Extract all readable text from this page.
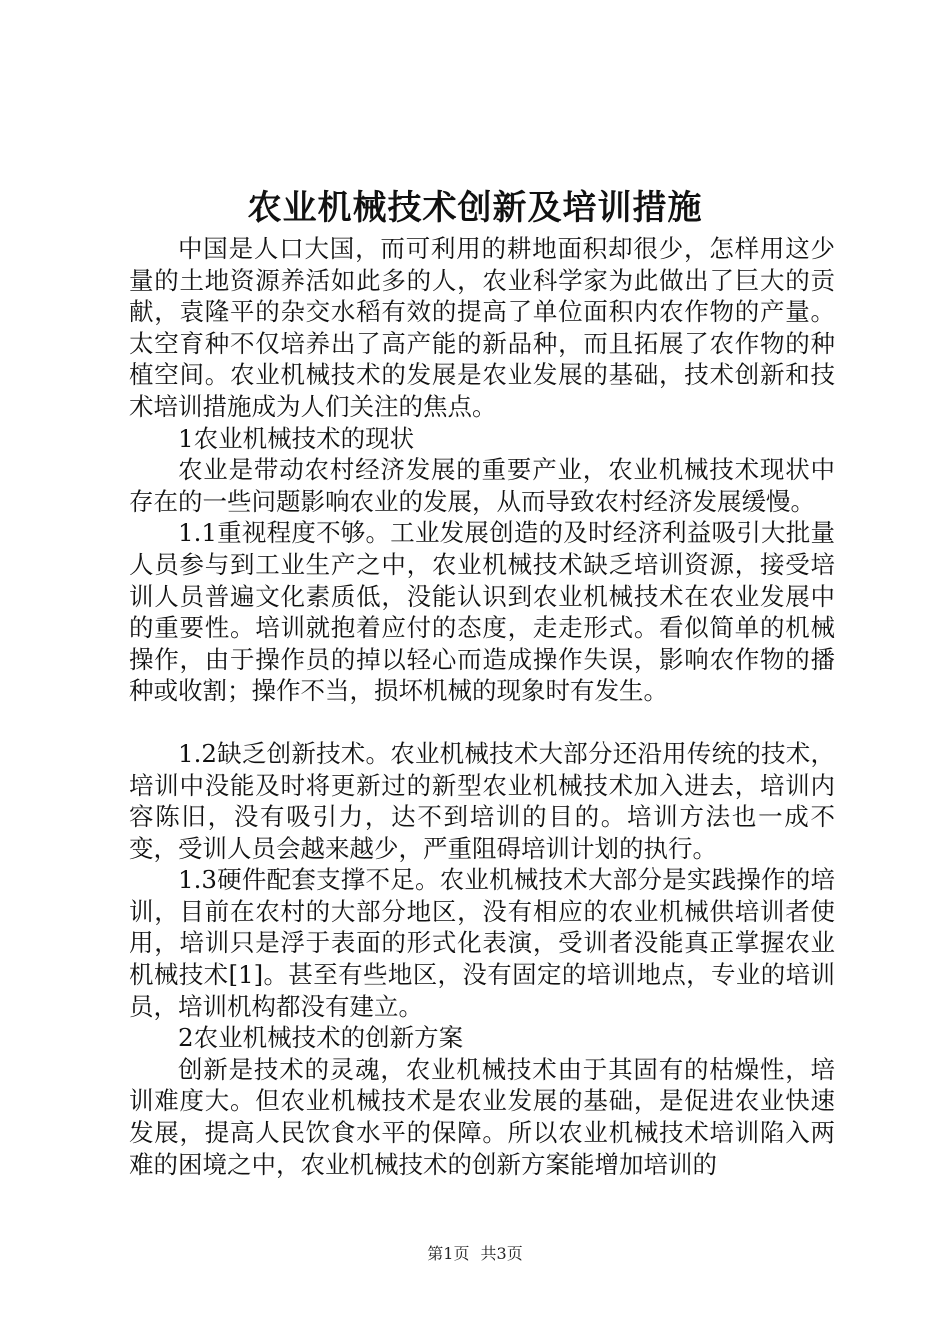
农业机械技术创新及培训措施

中国是人口大国，而可利用的耕地面积却很少，怎样用这少量的土地资源养活如此多的人，农业科学家为此做出了巨大的贡献，袁隆平的杂交水稻有效的提高了单位面积内农作物的产量。太空育种不仅培养出了高产能的新品种，而且拓展了农作物的种植空间。农业机械技术的发展是农业发展的基础，技术创新和技术培训措施成为人们关注的焦点。

1农业机械技术的现状

农业是带动农村经济发展的重要产业，农业机械技术现状中存在的一些问题影响农业的发展，从而导致农村经济发展缓慢。

1.1重视程度不够。工业发展创造的及时经济利益吸引大批量人员参与到工业生产之中，农业机械技术缺乏培训资源，接受培训人员普遍文化素质低，没能认识到农业机械技术在农业发展中的重要性。培训就抱着应付的态度，走走形式。看似简单的机械操作，由于操作员的掉以轻心而造成操作失误，影响农作物的播种或收割；操作不当，损坏机械的现象时有发生。

1.2缺乏创新技术。农业机械技术大部分还沿用传统的技术，培训中没能及时将更新过的新型农业机械技术加入进去，培训内容陈旧，没有吸引力，达不到培训的目的。培训方法也一成不变，受训人员会越来越少，严重阻碍培训计划的执行。

1.3硬件配套支撑不足。农业机械技术大部分是实践操作的培训，目前在农村的大部分地区，没有相应的农业机械供培训者使用，培训只是浮于表面的形式化表演，受训者没能真正掌握农业机械技术[1]。甚至有些地区，没有固定的培训地点，专业的培训员，培训机构都没有建立。

2农业机械技术的创新方案

创新是技术的灵魂，农业机械技术由于其固有的枯燥性，培训难度大。但农业机械技术是农业发展的基础，是促进农业快速发展，提高人民饮食水平的保障。所以农业机械技术培训陷入两难的困境之中，农业机械技术的创新方案能增加培训的

第1页 共3页
